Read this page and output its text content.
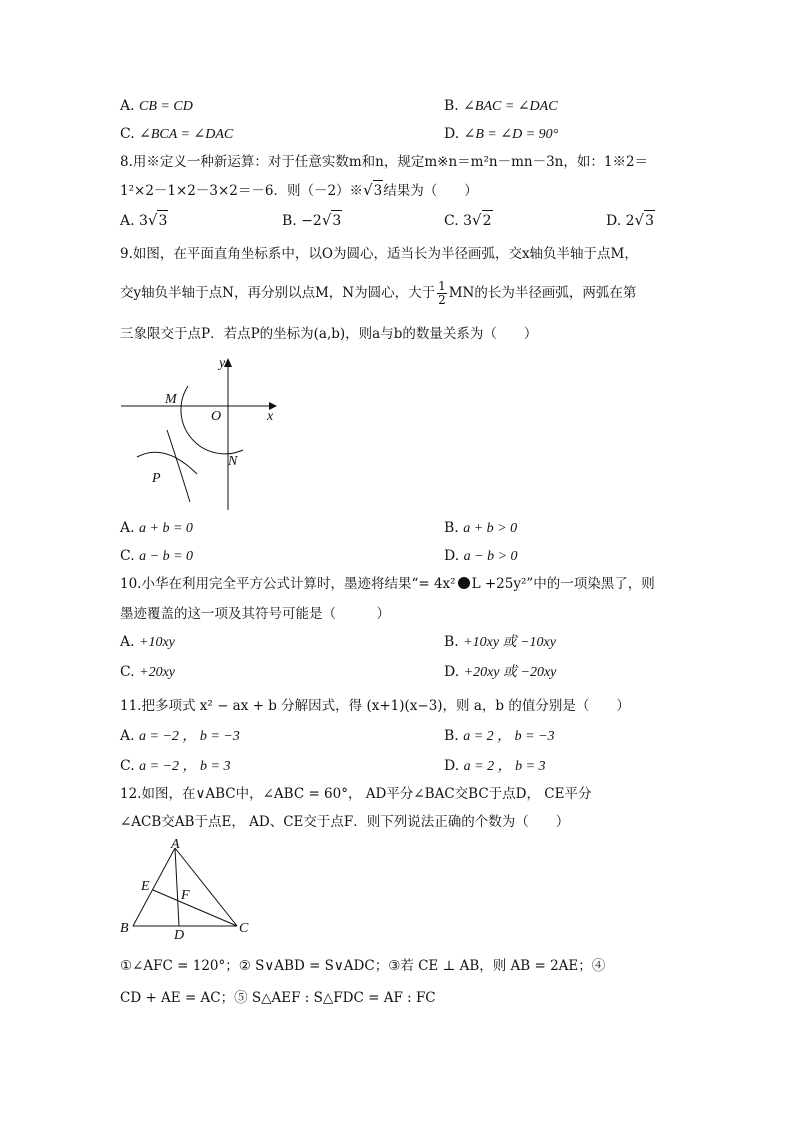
A. CB = CD	B. ∠BAC = ∠DAC
C. ∠BCA = ∠DAC	D. ∠B = ∠D = 90°
8.用※定义一种新运算：对于任意实数m和n，规定m※n＝m²n－mn－3n，如：1※2＝
1²×2－1×2－3×2＝－6．则（－2）※√3结果为（　　）
A. 3√3	B. −2√3	C. 3√2	D. 2√3
9.如图，在平面直角坐标系中，以O为圆心，适当长为半径画弧，交x轴负半轴于点M，
交y轴负半轴于点N，再分别以点M，N为圆心，大于 $\frac{1}{2}$ MN的长为半径画弧，两弧在第
三象限交于点P．若点P的坐标为(a,b)，则a与b的数量关系为（　　）
y
x
M
O
N
P
A. a + b = 0	B. a + b > 0
C. a − b = 0	D. a − b > 0
10.小华在利用完全平方公式计算时，墨迹将结果“= 4x² L +25y²”中的一项染黑了，则
墨迹覆盖的这一项及其符号可能是（　　　）
A. +10xy	B. +10xy 或 −10xy
C. +20xy	D. +20xy 或 −20xy
11.把多项式 x² − ax + b 分解因式，得 (x+1)(x−3)，则 a，b 的值分别是（　　）
A. a = −2 ， b = −3	B. a = 2 ， b = −3
C. a = −2 ， b = 3	D. a = 2 ， b = 3
12.如图，在∨ABC中，∠ABC = 60°， AD平分∠BAC交BC于点D， CE平分
∠ACB交AB于点E， AD、CE交于点F．则下列说法正确的个数为（　　）
A
E
F
B	D	C
①∠AFC = 120°；② S∨ABD = S∨ADC；③若 CE ⊥ AB，则 AB = 2AE；④
CD + AE = AC；⑤ S△AEF : S△FDC = AF : FC
